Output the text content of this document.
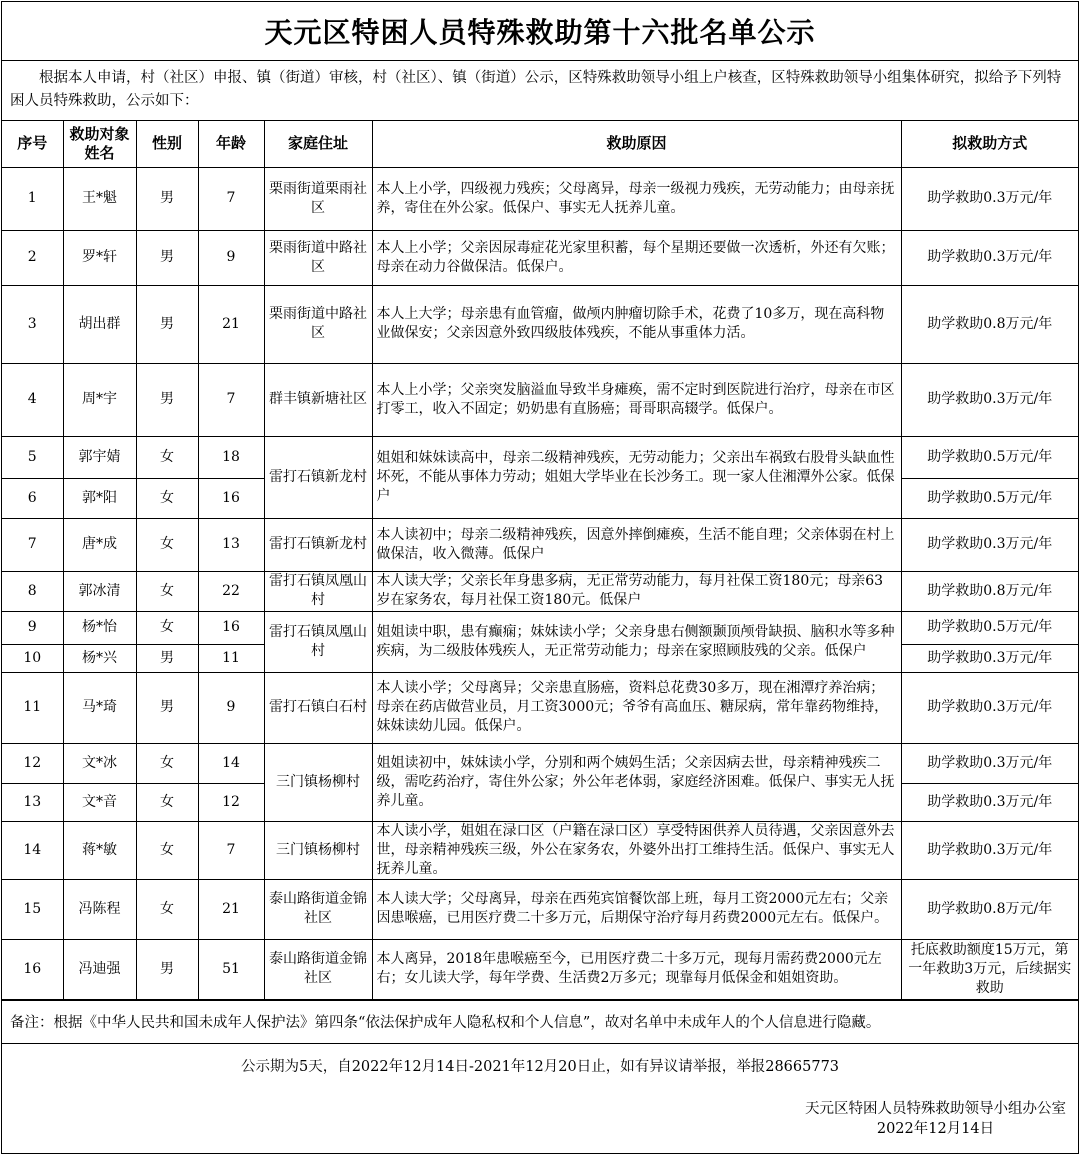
天元区特困人员特殊救助第十六批名单公示
根据本人申请，村（社区）申报、镇（街道）审核，村（社区）、镇（街道）公示，区特殊救助领导小组上户核查，区特殊救助领导小组集体研究，拟给予下列特困人员特殊救助，公示如下：
序号	救助对象姓名	性别	年龄	家庭住址	救助原因	拟救助方式
1	王*魁	男	7	栗雨街道栗雨社区	本人上小学，四级视力残疾；父母离异，母亲一级视力残疾，无劳动能力；由母亲抚养，寄住在外公家。低保户、事实无人抚养儿童。	助学救助0.3万元/年
2	罗*轩	男	9	栗雨街道中路社区	本人上小学；父亲因尿毒症花光家里积蓄，每个星期还要做一次透析，外还有欠账；母亲在动力谷做保洁。低保户。	助学救助0.3万元/年
3	胡出群	男	21	栗雨街道中路社区	本人上大学；母亲患有血管瘤，做颅内肿瘤切除手术，花费了10多万，现在高科物业做保安；父亲因意外致四级肢体残疾，不能从事重体力活。	助学救助0.8万元/年
4	周*宇	男	7	群丰镇新塘社区	本人上小学；父亲突发脑溢血导致半身瘫痪，需不定时到医院进行治疗，母亲在市区打零工，收入不固定；奶奶患有直肠癌；哥哥职高辍学。低保户。	助学救助0.3万元/年
5	郭宇婧	女	18	雷打石镇新龙村	姐姐和妹妹读高中，母亲二级精神残疾，无劳动能力；父亲出车祸致右股骨头缺血性坏死，不能从事体力劳动；姐姐大学毕业在长沙务工。现一家人住湘潭外公家。低保户	助学救助0.5万元/年
6	郭*阳	女	16			助学救助0.5万元/年
7	唐*成	女	13	雷打石镇新龙村	本人读初中；母亲二级精神残疾，因意外摔倒瘫痪，生活不能自理；父亲体弱在村上做保洁，收入微薄。低保户	助学救助0.3万元/年
8	郭冰清	女	22	雷打石镇凤凰山村	本人读大学；父亲长年身患多病，无正常劳动能力，每月社保工资180元；母亲63岁在家务农，每月社保工资180元。低保户	助学救助0.8万元/年
9	杨*怡	女	16	雷打石镇凤凰山村	姐姐读中职，患有癫痫；妹妹读小学；父亲身患右侧额颞顶颅骨缺损、脑积水等多种疾病，为二级肢体残疾人，无正常劳动能力；母亲在家照顾肢残的父亲。低保户	助学救助0.5万元/年
10	杨*兴	男	11			助学救助0.3万元/年
11	马*琦	男	9	雷打石镇白石村	本人读小学；父母离异；父亲患直肠癌，资料总花费30多万，现在湘潭疗养治病；母亲在药店做营业员，月工资3000元；爷爷有高血压、糖尿病，常年靠药物维持，妹妹读幼儿园。低保户。	助学救助0.3万元/年
12	文*冰	女	14	三门镇杨柳村	姐姐读初中，妹妹读小学，分别和两个姨妈生活；父亲因病去世，母亲精神残疾二级，需吃药治疗，寄住外公家；外公年老体弱，家庭经济困难。低保户、事实无人抚养儿童。	助学救助0.3万元/年
13	文*音	女	12			助学救助0.3万元/年
14	蒋*敏	女	7	三门镇杨柳村	本人读小学，姐姐在渌口区（户籍在渌口区）享受特困供养人员待遇，父亲因意外去世，母亲精神残疾三级，外公在家务农，外婆外出打工维持生活。低保户、事实无人抚养儿童。	助学救助0.3万元/年
15	冯陈程	女	21	泰山路街道金锦社区	本人读大学；父母离异，母亲在西苑宾馆餐饮部上班，每月工资2000元左右；父亲因患喉癌，已用医疗费二十多万元，后期保守治疗每月药费2000元左右。低保户。	助学救助0.8万元/年
16	冯迪强	男	51	泰山路街道金锦社区	本人离异，2018年患喉癌至今，已用医疗费二十多万元，现每月需药费2000元左右；女儿读大学，每年学费、生活费2万多元；现靠每月低保金和姐姐资助。	托底救助额度15万元，第一年救助3万元，后续据实救助
备注：根据《中华人民共和国未成年人保护法》第四条“依法保护成年人隐私权和个人信息”，故对名单中未成年人的个人信息进行隐藏。
公示期为5天，自2022年12月14日-2021年12月20日止，如有异议请举报，举报28665773
天元区特困人员特殊救助领导小组办公室
2022年12月14日
